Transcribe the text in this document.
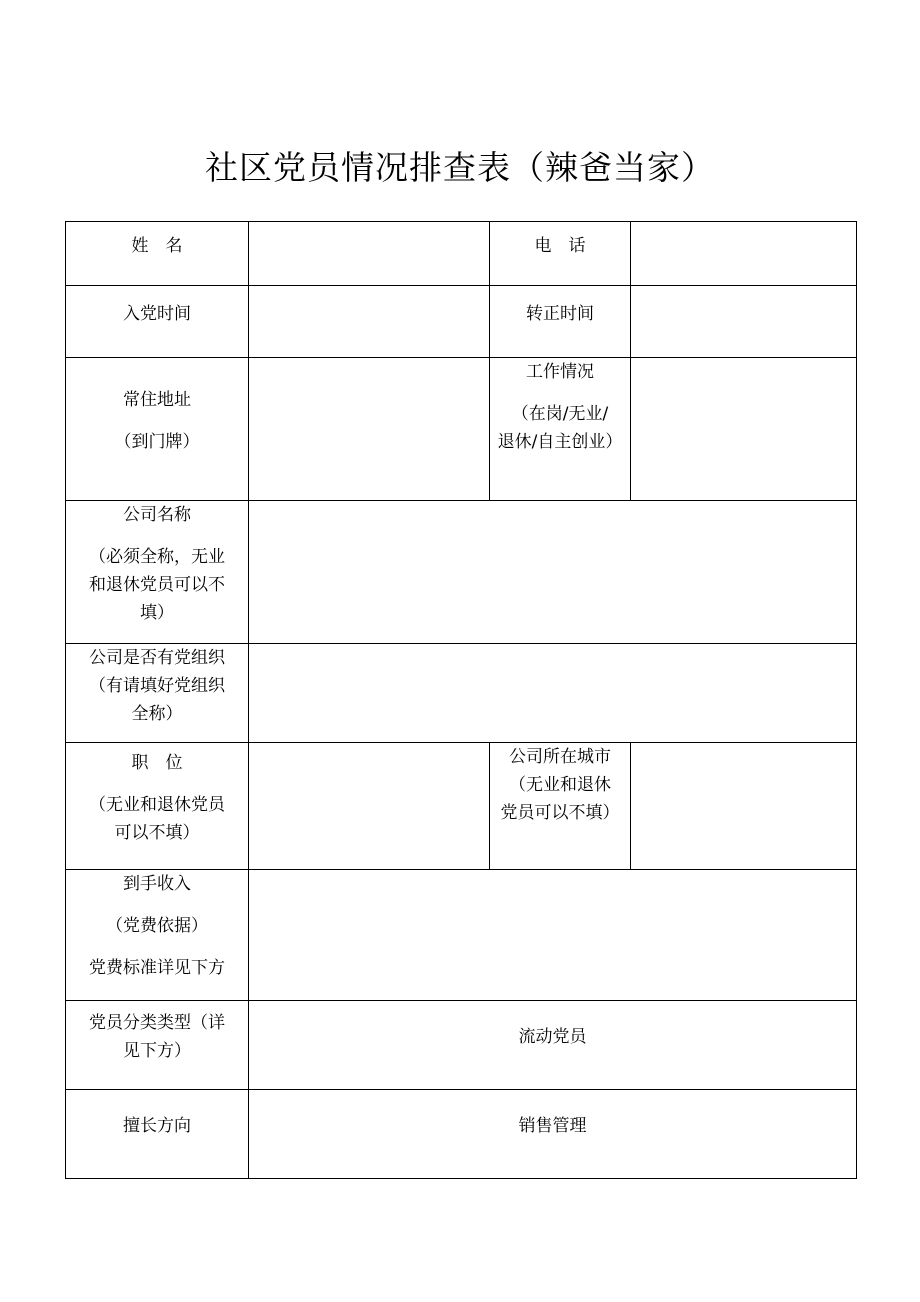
社区党员情况排查表（辣爸当家）
姓　名		电　话	

入党时间		转正时间	

常住地址
（到门牌）		工作情况
（在岗/无业/
退休/自主创业）	

公司名称
（必须全称，无业
和退休党员可以不
填）			

公司是否有党组织
（有请填好党组织
全称）			

职　位
（无业和退休党员
可以不填）		公司所在城市
（无业和退休
党员可以不填）	

到手收入
（党费依据）
党费标准详见下方			

党员分类类型（详
见下方）	流动党员		

擅长方向	销售管理		
